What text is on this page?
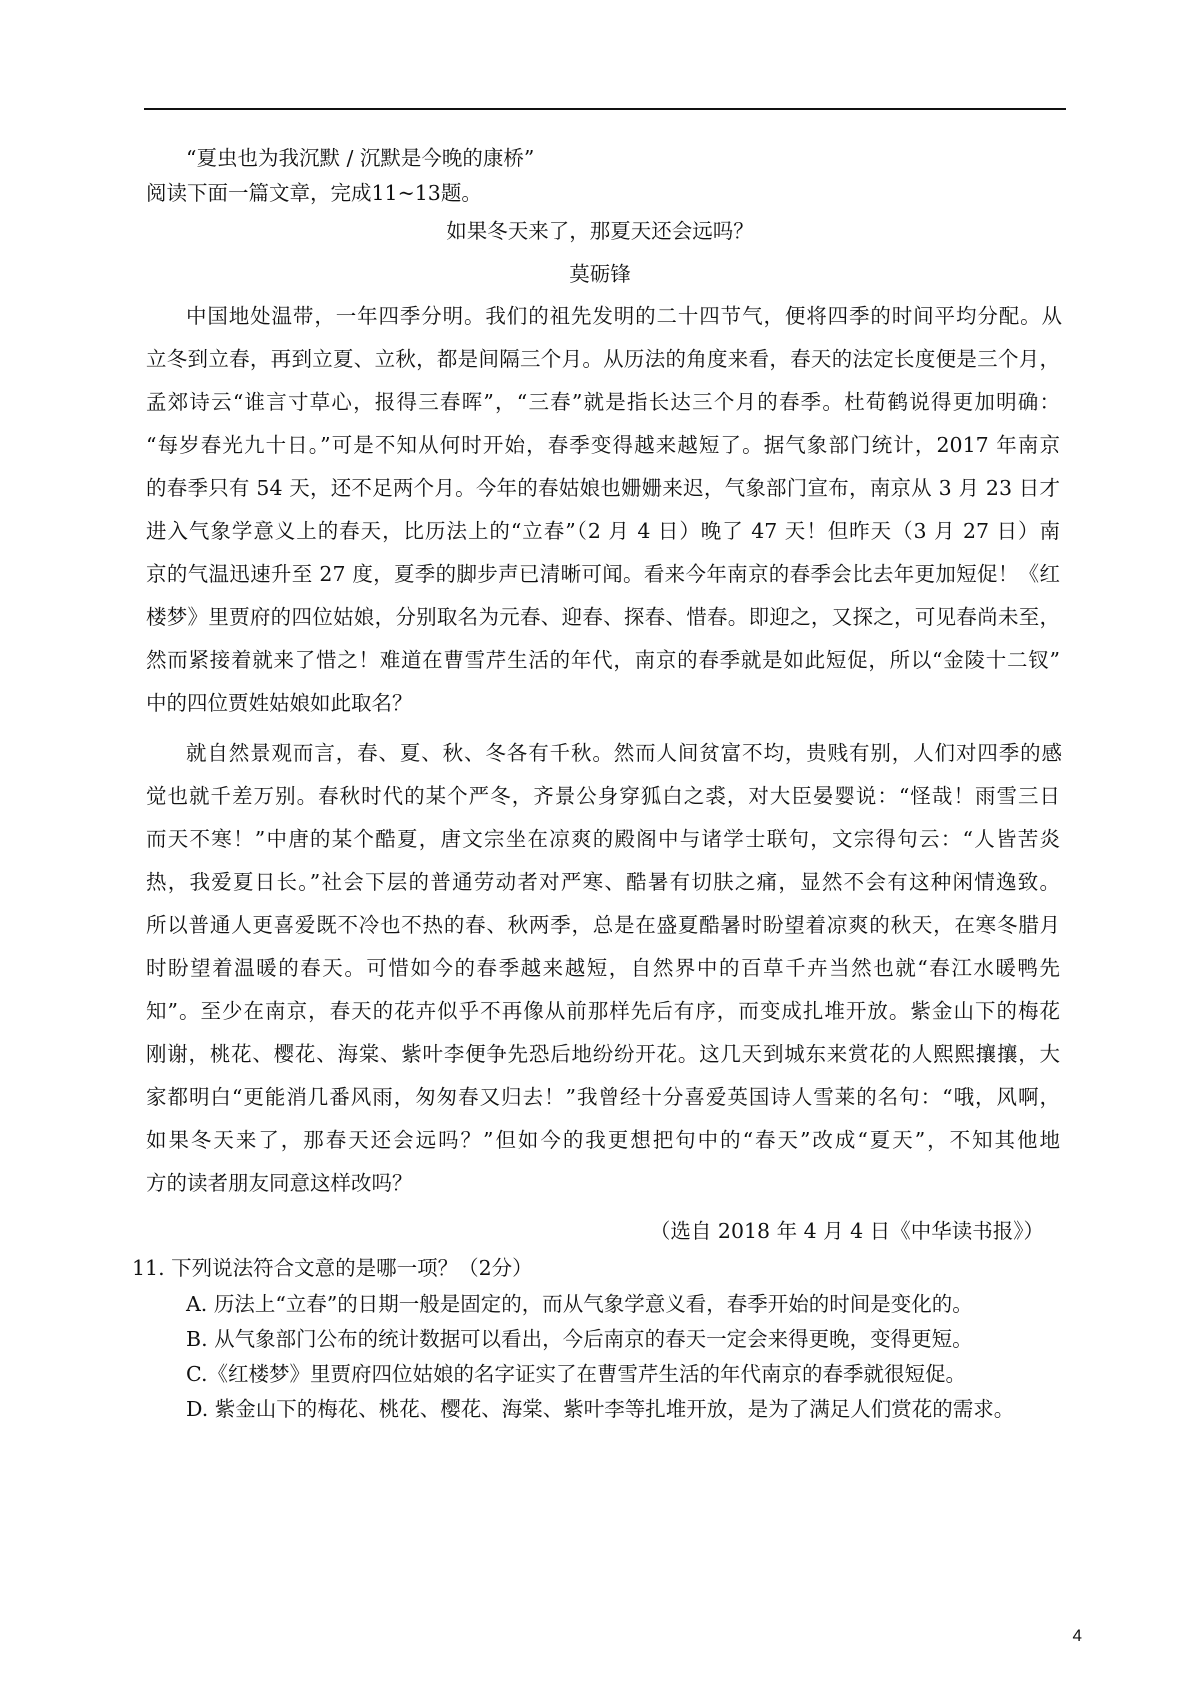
“夏虫也为我沉默 / 沉默是今晚的康桥”
阅读下面一篇文章，完成11~13题。
如果冬天来了，那夏天还会远吗？
莫砺锋
中国地处温带，一年四季分明。我们的祖先发明的二十四节气，便将四季的时间平均分配。从
立冬到立春，再到立夏、立秋，都是间隔三个月。从历法的角度来看，春天的法定长度便是三个月，
孟郊诗云“谁言寸草心，报得三春晖”，“三春”就是指长达三个月的春季。杜荀鹤说得更加明确：
“每岁春光九十日。”可是不知从何时开始，春季变得越来越短了。据气象部门统计，2017 年南京
的春季只有 54 天，还不足两个月。今年的春姑娘也姗姗来迟，气象部门宣布，南京从 3 月 23 日才
进入气象学意义上的春天，比历法上的“立春”（2 月 4 日）晚了 47 天！但昨天（3 月 27 日）南
京的气温迅速升至 27 度，夏季的脚步声已清晰可闻。看来今年南京的春季会比去年更加短促！《红
楼梦》里贾府的四位姑娘，分别取名为元春、迎春、探春、惜春。即迎之，又探之，可见春尚未至，
然而紧接着就来了惜之！难道在曹雪芹生活的年代，南京的春季就是如此短促，所以“金陵十二钗”
中的四位贾姓姑娘如此取名？
就自然景观而言，春、夏、秋、冬各有千秋。然而人间贫富不均，贵贱有别，人们对四季的感
觉也就千差万别。春秋时代的某个严冬，齐景公身穿狐白之裘，对大臣晏婴说：“怪哉！雨雪三日
而天不寒！”中唐的某个酷夏，唐文宗坐在凉爽的殿阁中与诸学士联句，文宗得句云：“人皆苦炎
热，我爱夏日长。”社会下层的普通劳动者对严寒、酷暑有切肤之痛，显然不会有这种闲情逸致。
所以普通人更喜爱既不冷也不热的春、秋两季，总是在盛夏酷暑时盼望着凉爽的秋天，在寒冬腊月
时盼望着温暖的春天。可惜如今的春季越来越短，自然界中的百草千卉当然也就“春江水暖鸭先
知”。至少在南京，春天的花卉似乎不再像从前那样先后有序，而变成扎堆开放。紫金山下的梅花
刚谢，桃花、樱花、海棠、紫叶李便争先恐后地纷纷开花。这几天到城东来赏花的人熙熙攘攘，大
家都明白“更能消几番风雨，匆匆春又归去！”我曾经十分喜爱英国诗人雪莱的名句：“哦，风啊，
如果冬天来了，那春天还会远吗？”但如今的我更想把句中的“春天”改成“夏天”，不知其他地
方的读者朋友同意这样改吗？
（选自 2018 年 4 月 4 日《中华读书报》）
11. 下列说法符合文意的是哪一项？（2分）
A. 历法上“立春”的日期一般是固定的，而从气象学意义看，春季开始的时间是变化的。
B. 从气象部门公布的统计数据可以看出，今后南京的春天一定会来得更晚，变得更短。
C.《红楼梦》里贾府四位姑娘的名字证实了在曹雪芹生活的年代南京的春季就很短促。
D. 紫金山下的梅花、桃花、樱花、海棠、紫叶李等扎堆开放，是为了满足人们赏花的需求。
4
